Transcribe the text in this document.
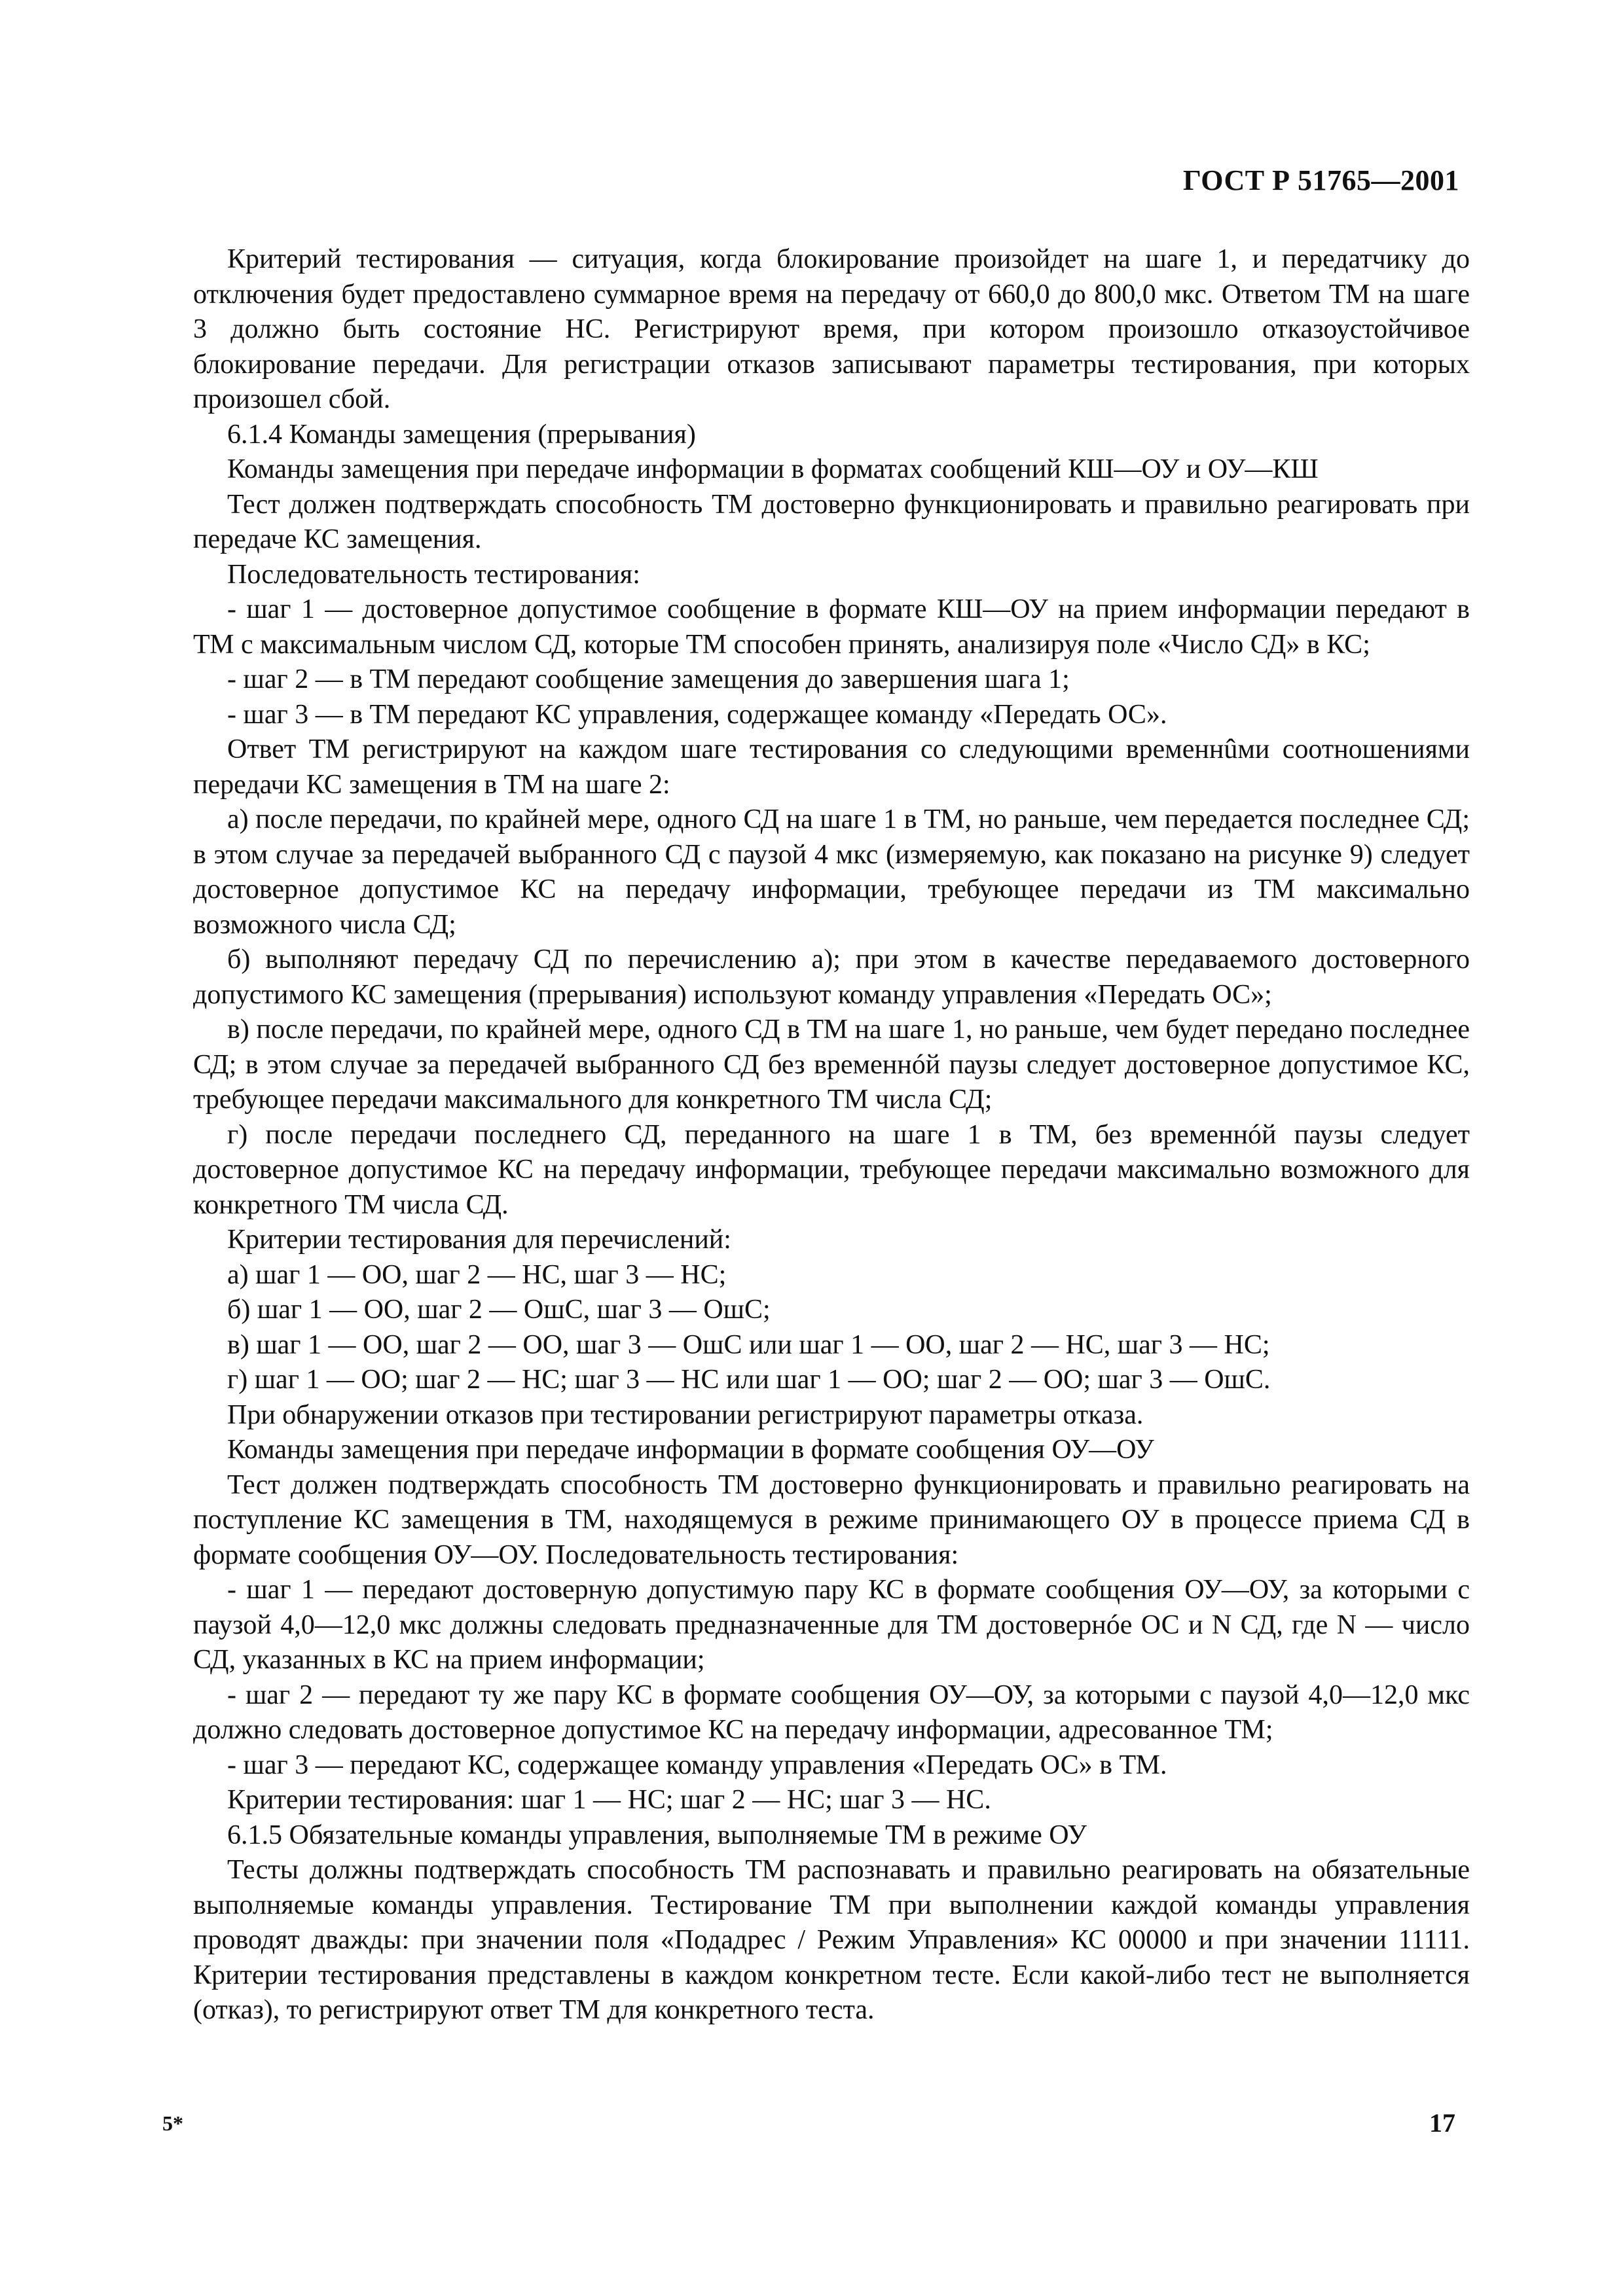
ГОСТ Р 51765—2001

Критерий тестирования — ситуация, когда блокирование произойдет на шаге 1, и передатчику до отключения будет предоставлено суммарное время на передачу от 660,0 до 800,0 мкс. Ответом ТМ на шаге 3 должно быть состояние НС. Регистрируют время, при котором произошло отказоустойчивое блокирование передачи. Для регистрации отказов записывают параметры тестирования, при которых произошел сбой.

6.1.4 Команды замещения (прерывания)

Команды замещения при передаче информации в форматах сообщений КШ—ОУ и ОУ—КШ

Тест должен подтверждать способность ТМ достоверно функционировать и правильно реагировать при передаче КС замещения.

Последовательность тестирования:

- шаг 1 — достоверное допустимое сообщение в формате КШ—ОУ на прием информации передают в ТМ с максимальным числом СД, которые ТМ способен принять, анализируя поле «Число СД» в КС;

- шаг 2 — в ТМ передают сообщение замещения до завершения шага 1;

- шаг 3 — в ТМ передают КС управления, содержащее команду «Передать ОС».

Ответ ТМ регистрируют на каждом шаге тестирования со следующими временнûми соотношениями передачи КС замещения в ТМ на шаге 2:

а) после передачи, по крайней мере, одного СД на шаге 1 в ТМ, но раньше, чем передается последнее СД; в этом случае за передачей выбранного СД с паузой 4 мкс (измеряемую, как показано на рисунке 9) следует достоверное допустимое КС на передачу информации, требующее передачи из ТМ максимально возможного числа СД;

б) выполняют передачу СД по перечислению а); при этом в качестве передаваемого достоверного допустимого КС замещения (прерывания) используют команду управления «Передать ОС»;

в) после передачи, по крайней мере, одного СД в ТМ на шаге 1, но раньше, чем будет передано последнее СД; в этом случае за передачей выбранного СД без временнóй паузы следует достоверное допустимое КС, требующее передачи максимального для конкретного ТМ числа СД;

г) после передачи последнего СД, переданного на шаге 1 в ТМ, без временнóй паузы следует достоверное допустимое КС на передачу информации, требующее передачи максимально возможного для конкретного ТМ числа СД.

Критерии тестирования для перечислений:

а) шаг 1 — ОО, шаг 2 — НС, шаг 3 — НС;

б) шаг 1 — ОО, шаг 2 — ОшС, шаг 3 — ОшС;

в) шаг 1 — ОО, шаг 2 — ОО, шаг 3 — ОшС или шаг 1 — ОО, шаг 2 — НС, шаг 3 — НС;

г) шаг 1 — ОО; шаг 2 — НС; шаг 3 — НС или шаг 1 — ОО; шаг 2 — ОО; шаг 3 — ОшС.

При обнаружении отказов при тестировании регистрируют параметры отказа.

Команды замещения при передаче информации в формате сообщения ОУ—ОУ

Тест должен подтверждать способность ТМ достоверно функционировать и правильно реагировать на поступление КС замещения в ТМ, находящемуся в режиме принимающего ОУ в процессе приема СД в формате сообщения ОУ—ОУ. Последовательность тестирования:

- шаг 1 — передают достоверную допустимую пару КС в формате сообщения ОУ—ОУ, за которыми с паузой 4,0—12,0 мкс должны следовать предназначенные для ТМ достовернóе ОС и N СД, где N — число СД, указанных в КС на прием информации;

- шаг 2 — передают ту же пару КС в формате сообщения ОУ—ОУ, за которыми с паузой 4,0—12,0 мкс должно следовать достоверное допустимое КС на передачу информации, адресованное ТМ;

- шаг 3 — передают КС, содержащее команду управления «Передать ОС» в ТМ.

Критерии тестирования: шаг 1 — НС; шаг 2 — НС; шаг 3 — НС.

6.1.5 Обязательные команды управления, выполняемые ТМ в режиме ОУ

Тесты должны подтверждать способность ТМ распознавать и правильно реагировать на обязательные выполняемые команды управления. Тестирование ТМ при выполнении каждой команды управления проводят дважды: при значении поля «Подадрес / Режим Управления» КС 00000 и при значении 11111. Критерии тестирования представлены в каждом конкретном тесте. Если какой-либо тест не выполняется (отказ), то регистрируют ответ ТМ для конкретного теста.

5*	17
